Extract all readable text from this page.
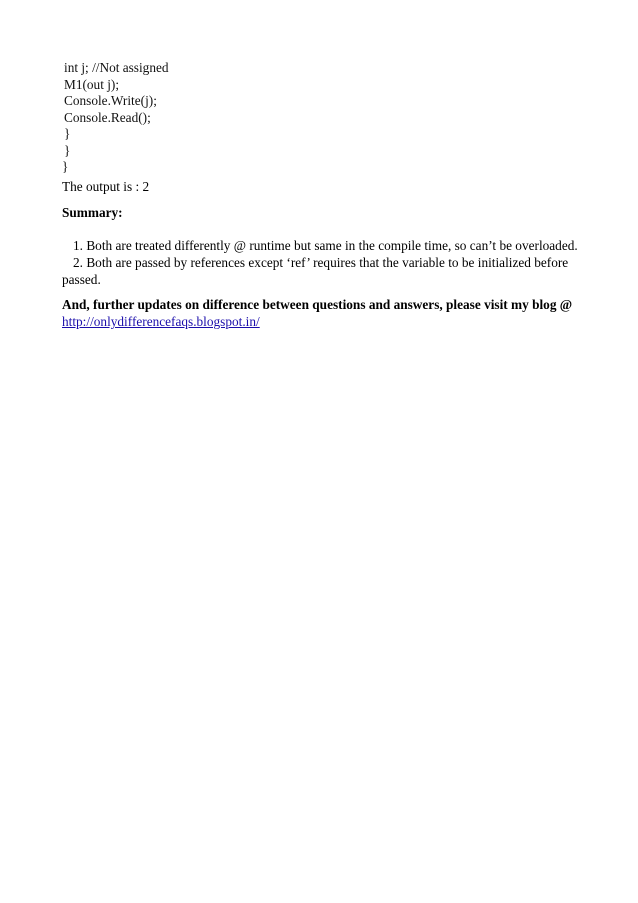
int j; //Not assigned
M1(out j);
Console.Write(j);
Console.Read();
}
}
}
The output is : 2
Summary:
1. Both are treated differently @ runtime but same in the compile time, so can’t be overloaded.
2. Both are passed by references except ‘ref’ requires that the variable to be initialized before passed.
And, further updates on difference between questions and answers, please visit my blog @
http://onlydifferencefaqs.blogspot.in/
